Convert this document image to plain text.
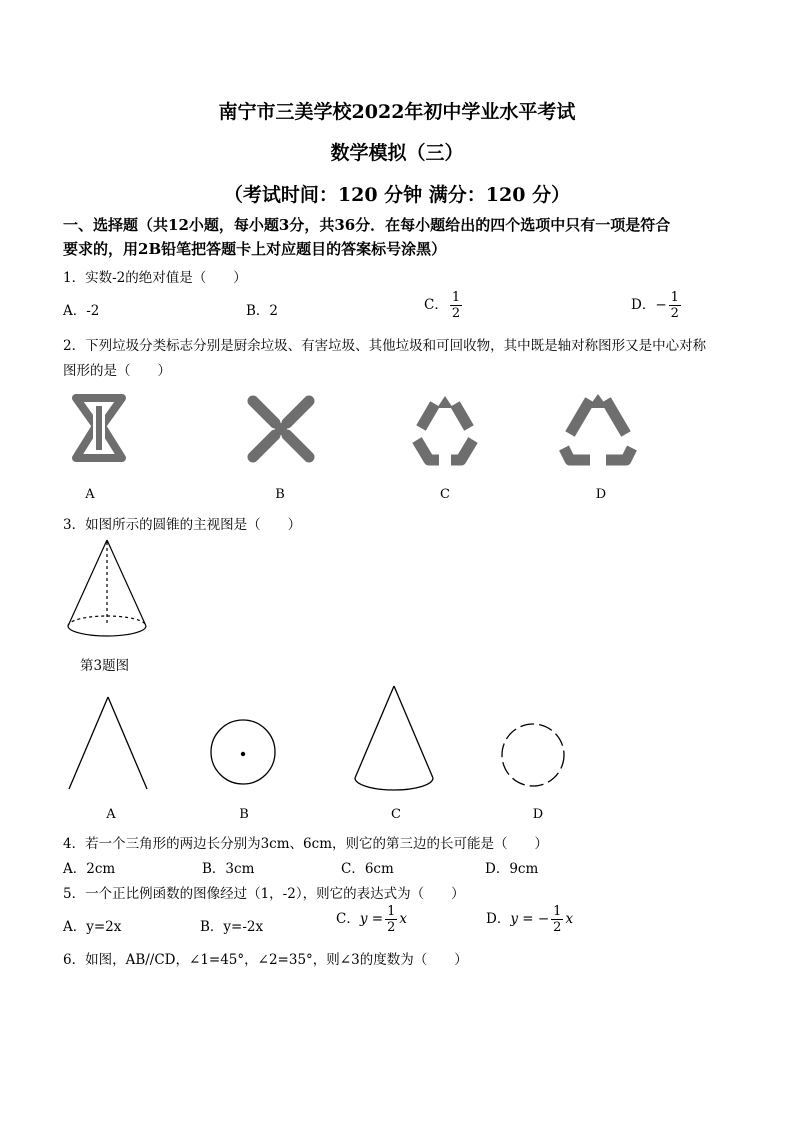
南宁市三美学校2022年初中学业水平考试
数学模拟（三）
（考试时间：120 分钟 满分：120 分）
一、选择题（共12小题，每小题3分，共36分．在每小题给出的四个选项中只有一项是符合
要求的，用2B铅笔把答题卡上对应题目的答案标号涂黑）
1．实数-2的绝对值是（　　）
A．-2	B．2	C． $\frac{1}{2}$	D．− $\frac{1}{2}$
2．下列垃圾分类标志分别是厨余垃圾、有害垃圾、其他垃圾和可回收物，其中既是轴对称图形又是中心对称
图形的是（　　）
A	B	C	D
3．如图所示的圆锥的主视图是（　　）
第3题图
A	B	C	D
4．若一个三角形的两边长分别为3cm、6cm，则它的第三边的长可能是（　　）
A．2cm	B．3cm	C．6cm	D．9cm
5．一个正比例函数的图像经过（1，-2），则它的表达式为（　　）
A．y=2x	B．y=-2x	C．$y = \frac{1}{2}$ x	D．y = − $\frac{1}{2}$ x
6．如图，AB//CD，∠1=45°，∠2=35°，则∠3的度数为（　　）
